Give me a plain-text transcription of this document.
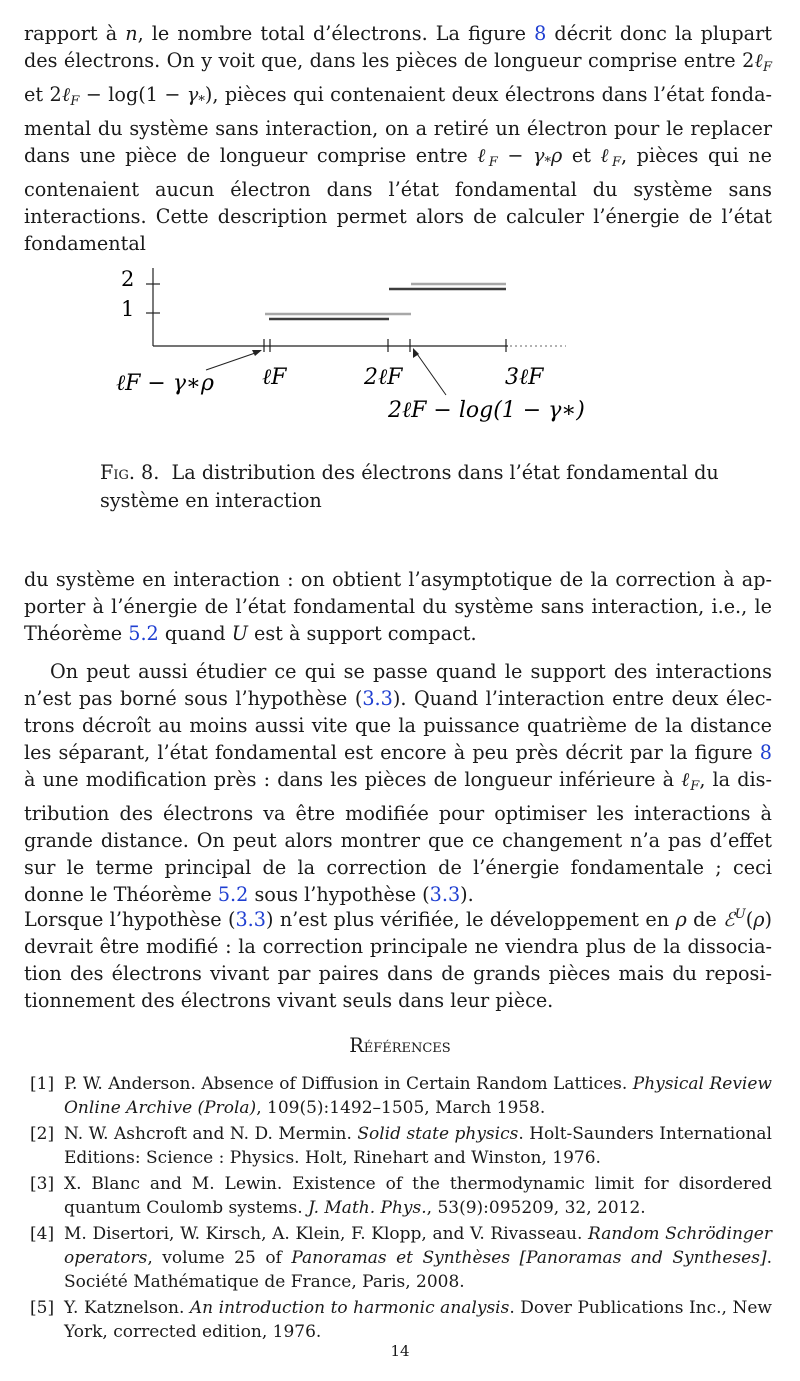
rapport à n, le nombre total d’électrons. La figure 8 décrit donc la plupart des électrons. On y voit que, dans les pièces de longueur comprise entre 2ℓ$_F$ et 2ℓ$_F$ − $\log(1 - \gamma_*)$, pièces qui contenaient deux électrons dans l’état fondamental du système sans interaction, on a retiré un électron pour le replacer dans une pièce de longueur comprise entre ℓ$_F$ − $\gamma_*\rho$ et ℓ$_F$, pièces qui ne contenaient aucun électron dans l’état fondamental du système sans interactions. Cette description permet alors de calculer l’énergie de l’état fondamental

2
1
ℓF − γ∗ρ ℓF	2ℓF	3ℓF
2ℓF − log(1 − γ∗)

Fig. 8. La distribution des électrons dans l’état fondamental du système en interaction

du système en interaction : on obtient l’asymptotique de la correction à apporter à l’énergie de l’état fondamental du système sans interaction, i.e., le Théorème 5.2 quand U est à support compact.

On peut aussi étudier ce qui se passe quand le support des interactions n’est pas borné sous l’hypothèse (3.3). Quand l’interaction entre deux électrons décroît au moins aussi vite que la puissance quatrième de la distance les séparant, l’état fondamental est encore à peu près décrit par la figure 8 à une modification près : dans les pièces de longueur inférieure à ℓ$_F$, la distribution des électrons va être modifiée pour optimiser les interactions à grande distance. On peut alors montrer que ce changement n’a pas d’effet sur le terme principal de la correction de l’énergie fondamentale ; ceci donne le Théorème 5.2 sous l’hypothèse (3.3).

Lorsque l’hypothèse (3.3) n’est plus vérifiée, le développement en ρ de ℰ$^U$(ρ) devrait être modifié : la correction principale ne viendra plus de la dissociation des électrons vivant par paires dans de grands pièces mais du repositionnement des électrons vivant seuls dans leur pièce.

Références
[1] P. W. Anderson. Absence of Diffusion in Certain Random Lattices. Physical Review Online Archive (Prola), 109(5):1492–1505, March 1958.
[2] N. W. Ashcroft and N. D. Mermin. Solid state physics. Holt-Saunders International Editions: Science : Physics. Holt, Rinehart and Winston, 1976.
[3] X. Blanc and M. Lewin. Existence of the thermodynamic limit for disordered quantum Coulomb systems. J. Math. Phys., 53(9):095209, 32, 2012.
[4] M. Disertori, W. Kirsch, A. Klein, F. Klopp, and V. Rivasseau. Random Schrödinger operators, volume 25 of Panoramas et Synthèses [Panoramas and Syntheses]. Société Mathématique de France, Paris, 2008.
[5] Y. Katznelson. An introduction to harmonic analysis. Dover Publications Inc., New York, corrected edition, 1976.
14
